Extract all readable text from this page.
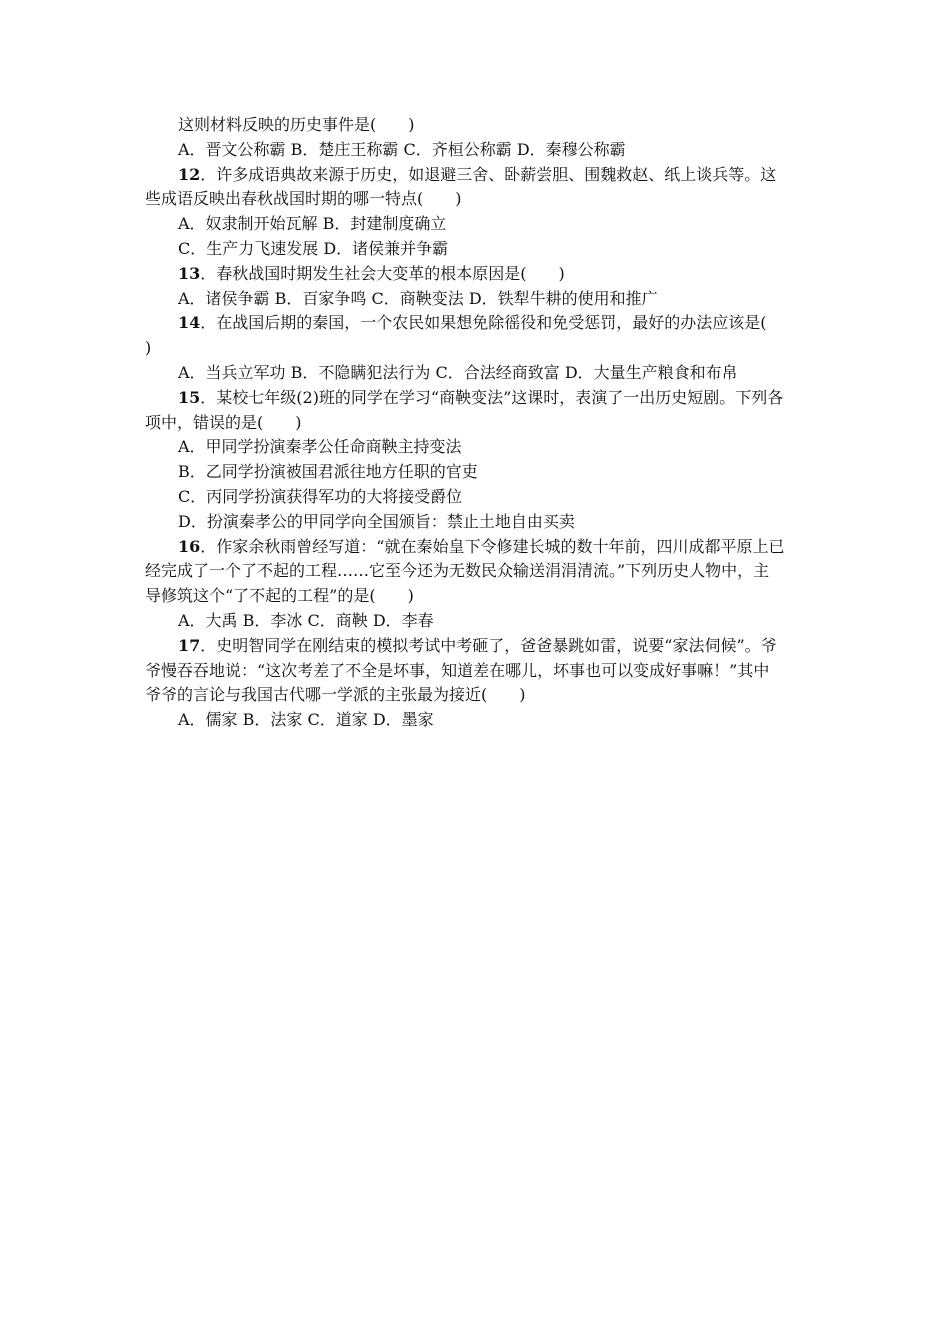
这则材料反映的历史事件是(　　)
A．晋文公称霸 B．楚庄王称霸 C．齐桓公称霸 D．秦穆公称霸
12．许多成语典故来源于历史，如退避三舍、卧薪尝胆、围魏救赵、纸上谈兵等。这
些成语反映出春秋战国时期的哪一特点(　　)
A．奴隶制开始瓦解 B．封建制度确立
C．生产力飞速发展 D．诸侯兼并争霸
13．春秋战国时期发生社会大变革的根本原因是(　　)
A．诸侯争霸 B．百家争鸣 C．商鞅变法 D．铁犁牛耕的使用和推广
14．在战国后期的秦国，一个农民如果想免除徭役和免受惩罚，最好的办法应该是(
)
A．当兵立军功 B．不隐瞒犯法行为 C．合法经商致富 D．大量生产粮食和布帛
15．某校七年级(2)班的同学在学习“商鞅变法”这课时，表演了一出历史短剧。下列各
项中，错误的是(　　)
A．甲同学扮演秦孝公任命商鞅主持变法
B．乙同学扮演被国君派往地方任职的官吏
C．丙同学扮演获得军功的大将接受爵位
D．扮演秦孝公的甲同学向全国颁旨：禁止土地自由买卖
16．作家余秋雨曾经写道：“就在秦始皇下令修建长城的数十年前，四川成都平原上已
经完成了一个了不起的工程……它至今还为无数民众输送涓涓清流。”下列历史人物中，主
导修筑这个“了不起的工程”的是(　　)
A．大禹 B．李冰 C．商鞅 D．李春
17．史明智同学在刚结束的模拟考试中考砸了，爸爸暴跳如雷，说要“家法伺候”。爷
爷慢吞吞地说：“这次考差了不全是坏事，知道差在哪儿，坏事也可以变成好事嘛！”其中
爷爷的言论与我国古代哪一学派的主张最为接近(　　)
A．儒家 B．法家 C．道家 D．墨家
